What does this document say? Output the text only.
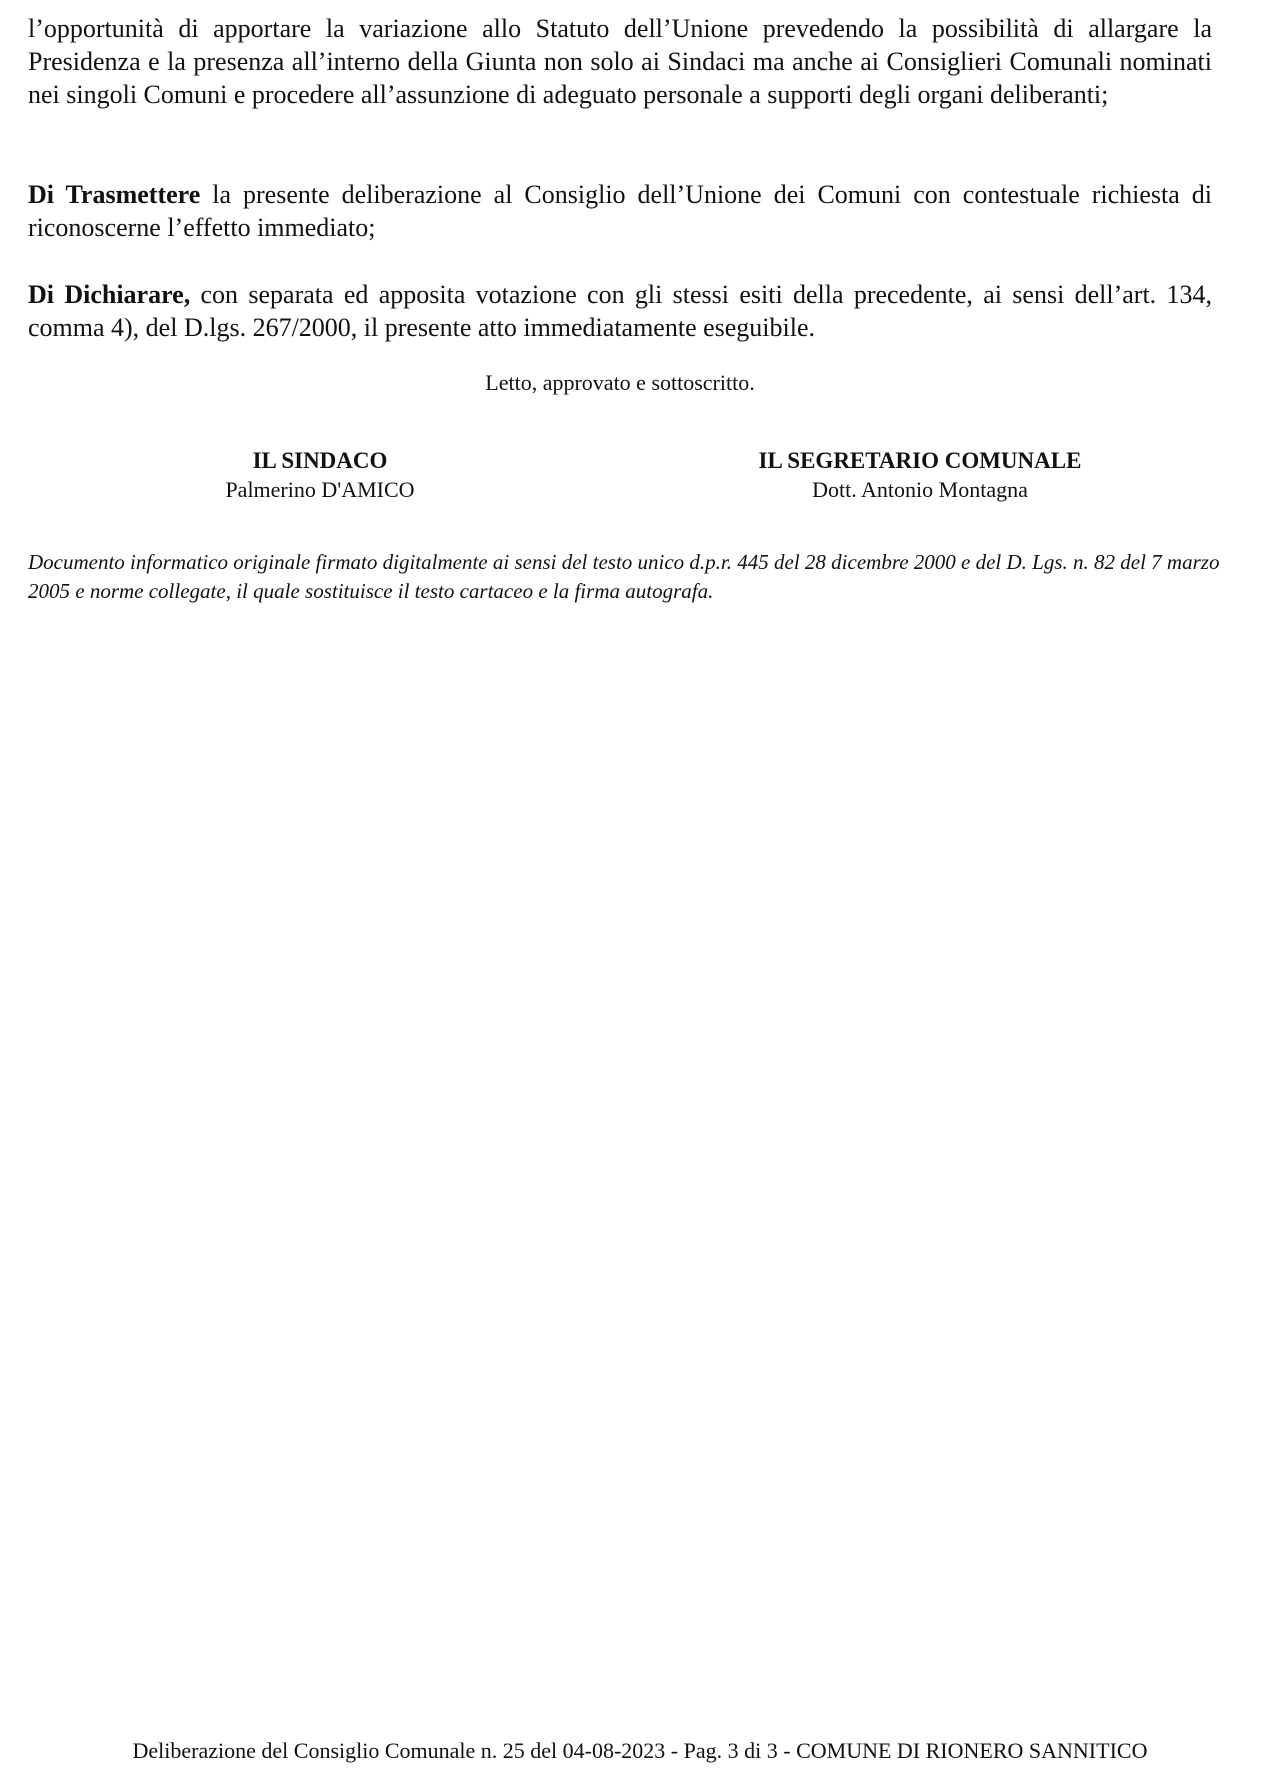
l’opportunità di apportare la variazione allo Statuto dell’Unione prevedendo la possibilità di allargare la Presidenza e la presenza all’interno della Giunta non solo ai Sindaci ma anche ai Consiglieri Comunali nominati nei singoli Comuni e procedere all’assunzione di adeguato personale a supporti degli organi deliberanti;

Di Trasmettere la presente deliberazione al Consiglio dell’Unione dei Comuni con contestuale richiesta di riconoscerne l’effetto immediato;

Di Dichiarare, con separata ed apposita votazione con gli stessi esiti della precedente, ai sensi dell’art. 134, comma 4), del D.lgs. 267/2000, il presente atto immediatamente eseguibile.

Letto, approvato e sottoscritto.

IL SINDACO

Palmerino D'AMICO

IL SEGRETARIO COMUNALE

Dott. Antonio Montagna

Documento informatico originale firmato digitalmente ai sensi del testo unico d.p.r. 445 del 28 dicembre 2000 e del D. Lgs. n. 82 del 7 marzo 2005 e norme collegate, il quale sostituisce il testo cartaceo e la firma autografa.

Deliberazione del Consiglio Comunale n. 25 del 04-08-2023 - Pag. 3 di 3 - COMUNE DI RIONERO SANNITICO
